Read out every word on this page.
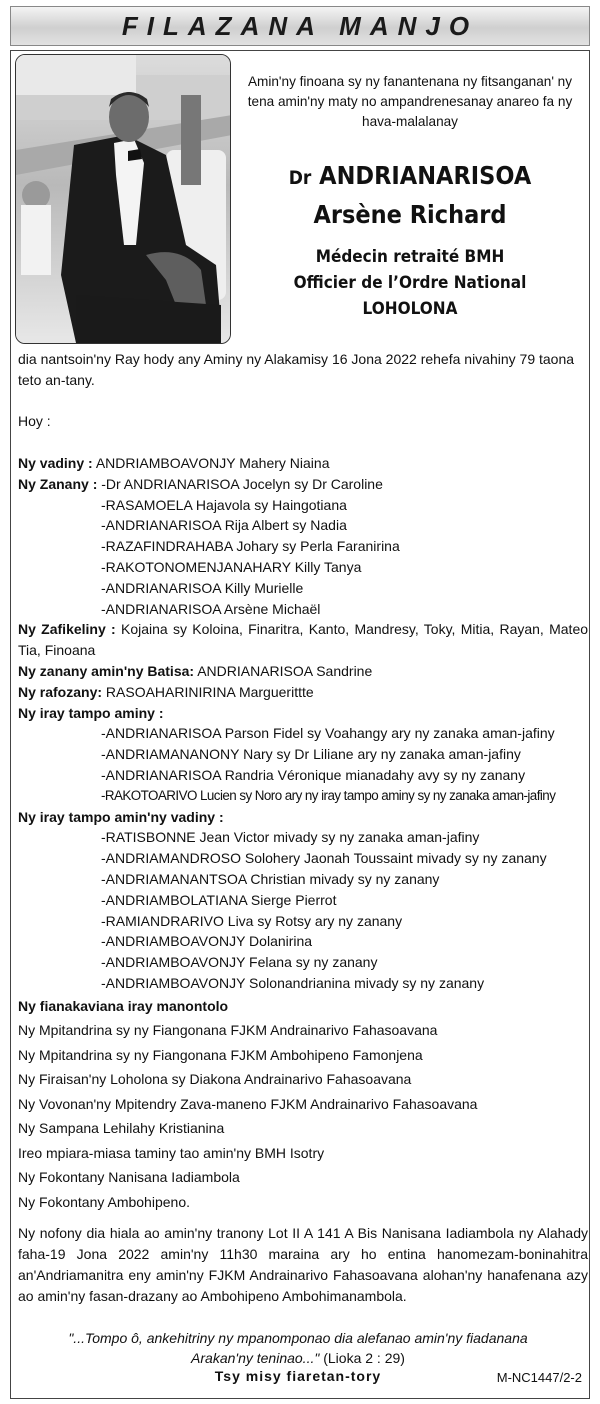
FILAZANA MANJO
Amin'ny finoana sy ny fanantenana ny fitsanganan' ny tena amin'ny maty no ampandrenesanay anareo fa ny hava-malalanay
Dr ANDRIANARISOA
Arsène Richard
Médecin retraité BMH
Officier de l’Ordre National
LOHOLONA

dia nantsoin'ny Ray hody any Aminy ny Alakamisy 16 Jona 2022 rehefa nivahiny 79 taona teto an-tany.

Hoy :

Ny vadiny : ANDRIAMBOAVONJY Mahery Niaina

Ny Zanany : -Dr ANDRIANARISOA Jocelyn sy Dr Caroline

-RASAMOELA Hajavola sy Haingotiana

-ANDRIANARISOA Rija Albert sy Nadia

-RAZAFINDRAHABA Johary sy Perla Faranirina

-RAKOTONOMENJANAHARY Killy Tanya

-ANDRIANARISOA Killy Murielle

-ANDRIANARISOA Arsène Michaël

Ny Zafikeliny : Kojaina sy Koloina, Finaritra, Kanto, Mandresy, Toky, Mitia, Rayan, Mateo Tia, Finoana

Ny zanany amin'ny Batisa: ANDRIANARISOA Sandrine

Ny rafozany: RASOAHARINIRINA Marguerittte

Ny iray tampo aminy :

-ANDRIANARISOA Parson Fidel sy Voahangy ary ny zanaka aman-jafiny

-ANDRIAMANANONY Nary sy Dr Liliane ary ny zanaka aman-jafiny

-ANDRIANARISOA Randria Véronique mianadahy avy sy ny zanany

-RAKOTOARIVO Lucien sy Noro ary ny iray tampo aminy sy ny zanaka aman-jafiny

Ny iray tampo amin'ny vadiny :

-RATISBONNE Jean Victor mivady sy ny zanaka aman-jafiny

-ANDRIAMANDROSO Solohery Jaonah Toussaint mivady sy ny zanany

-ANDRIAMANANTSOA Christian mivady sy ny zanany

-ANDRIAMBOLATIANA Sierge Pierrot

-RAMIANDRARIVO Liva sy Rotsy ary ny zanany

-ANDRIAMBOAVONJY Dolanirina

-ANDRIAMBOAVONJY Felana sy ny zanany

-ANDRIAMBOAVONJY Solonandrianina mivady sy ny zanany

Ny fianakaviana iray manontolo

Ny Mpitandrina sy ny Fiangonana FJKM Andrainarivo Fahasoavana

Ny Mpitandrina sy ny Fiangonana FJKM Ambohipeno Famonjena

Ny Firaisan'ny Loholona sy Diakona Andrainarivo Fahasoavana

Ny Vovonan'ny Mpitendry Zava-maneno FJKM Andrainarivo Fahasoavana

Ny Sampana Lehilahy Kristianina

Ireo mpiara-miasa taminy tao amin'ny BMH Isotry

Ny Fokontany Nanisana Iadiambola

Ny Fokontany Ambohipeno.

Ny nofony dia hiala ao amin'ny tranony Lot II A 141 A Bis Nanisana Iadiambola ny Alahady faha-19 Jona 2022 amin'ny 11h30 maraina ary ho entina hanomezam-boninahitra an'Andriamanitra eny amin'ny FJKM Andrainarivo Fahasoavana alohan'ny hanafenana azy ao amin'ny fasan-drazany ao Ambohipeno Ambohimanambola.

"...Tompo ô, ankehitriny ny mpanomponao dia alefanao amin'ny fiadanana
Arakan'ny teninao..." (Lioka 2 : 29)
Tsy misy fiaretan-tory	M-NC1447/2-2
